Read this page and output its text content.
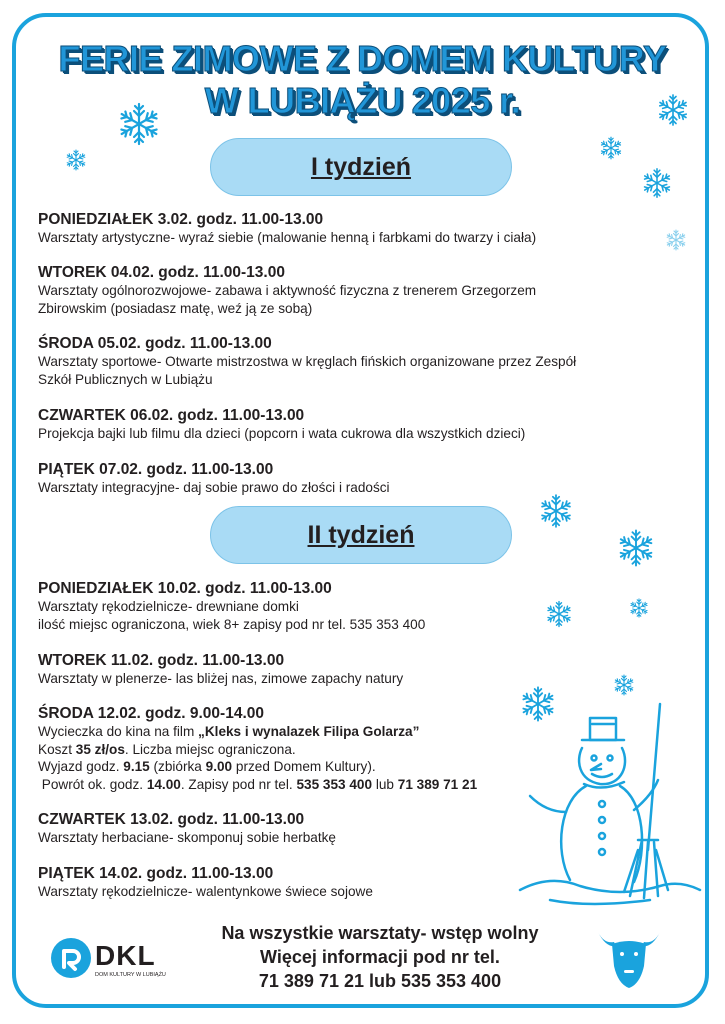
FERIE ZIMOWE Z DOMEM KULTURY
W LUBIĄŻU 2025 r.
I tydzień
PONIEDZIAŁEK 3.02. godz. 11.00-13.00
Warsztaty artystyczne- wyraź siebie (malowanie henną i farbkami do twarzy i ciała)
WTOREK 04.02. godz. 11.00-13.00
Warsztaty ogólnorozwojowe- zabawa i aktywność fizyczna z trenerem Grzegorzem
Zbirowskim (posiadasz matę, weź ją ze sobą)
ŚRODA 05.02. godz. 11.00-13.00
Warsztaty sportowe- Otwarte mistrzostwa w kręglach fińskich organizowane przez Zespół
Szkół Publicznych w Lubiążu
CZWARTEK 06.02. godz. 11.00-13.00
Projekcja bajki lub filmu dla dzieci (popcorn i wata cukrowa dla wszystkich dzieci)
PIĄTEK 07.02. godz. 11.00-13.00
Warsztaty integracyjne- daj sobie prawo do złości i radości
II tydzień
PONIEDZIAŁEK 10.02. godz. 11.00-13.00
Warsztaty rękodzielnicze- drewniane domki
ilość miejsc ograniczona, wiek 8+ zapisy pod nr tel. 535 353 400
WTOREK 11.02. godz. 11.00-13.00
Warsztaty w plenerze- las bliżej nas, zimowe zapachy natury
ŚRODA 12.02. godz. 9.00-14.00
Wycieczka do kina na film „Kleks i wynalazek Filipa Golarza”
Koszt 35 zł/os. Liczba miejsc ograniczona.
Wyjazd godz. 9.15 (zbiórka 9.00 przed Domem Kultury).
Powrót ok. godz. 14.00. Zapisy pod nr tel. 535 353 400 lub 71 389 71 21
CZWARTEK 13.02. godz. 11.00-13.00
Warsztaty herbaciane- skomponuj sobie herbatkę
PIĄTEK 14.02. godz. 11.00-13.00
Warsztaty rękodzielnicze- walentynkowe świece sojowe
Na wszystkie warsztaty- wstęp wolny
Więcej informacji pod nr tel.
71 389 71 21 lub 535 353 400
DKL
DOM KULTURY W LUBIĄŻU
